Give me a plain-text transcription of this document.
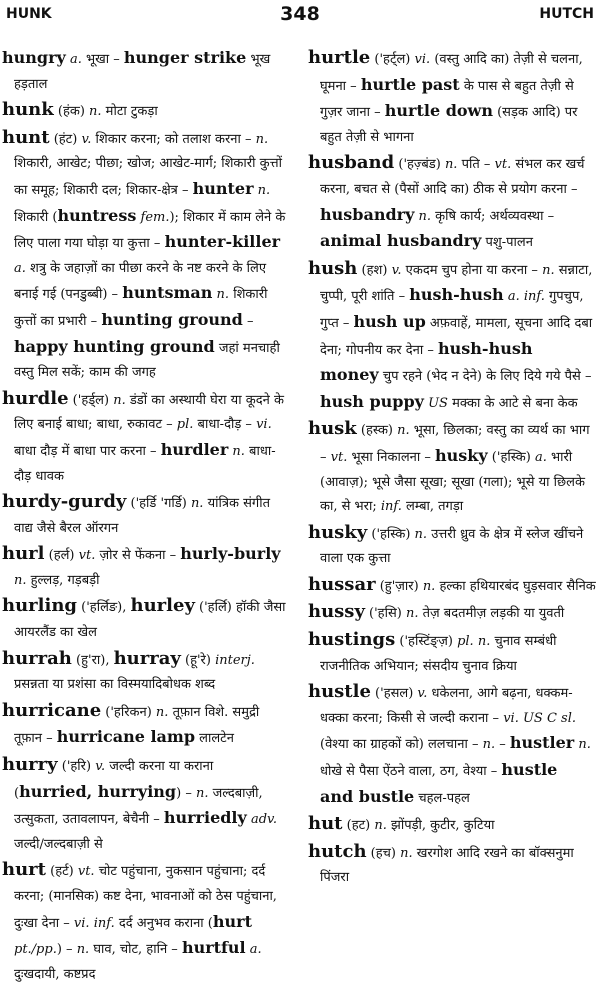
HUNK	348	HUTCH

hungry a. भूखा – hunger strike भूख हड़ताल

hunk (हंक) n. मोटा टुकड़ा

hunt (हंट) v. शिकार करना; को तलाश करना – n. शिकारी, आखेट; पीछा; खोज; आखेट-मार्ग; शिकारी कुत्तों का समूह; शिकारी दल; शिकार-क्षेत्र – hunter n. शिकारी (huntress fem.); शिकार में काम लेने के लिए पाला गया घोड़ा या कुत्ता – hunter-killer a. शत्रु के जहाज़ों का पीछा करने के नष्ट करने के लिए बनाई गई (पनडुब्बी) – huntsman n. शिकारी कुत्तों का प्रभारी – hunting ground – happy hunting ground जहां मनचाही वस्तु मिल सकें; काम की जगह

hurdle ('हर्ड्ल) n. डंडों का अस्थायी घेरा या कूदने के लिए बनाई बाधा; बाधा, रुकावट – pl. बाधा-दौड़ – vi. बाधा दौड़ में बाधा पार करना – hurdler n. बाधा-दौड़ धावक

hurdy-gurdy ('हर्डि 'गर्डि) n. यांत्रिक संगीत वाद्य जैसे बैरल ऑरगन

hurl (हर्ल) vt. ज़ोर से फेंकना – hurly-burly n. हुल्लड़, गड़बड़ी

hurling ('हर्लिङ), hurley ('हर्लि) हॉकी जैसा आयरलैंड का खेल

hurrah (हु'रा), hurray (हू'रे) interj. प्रसन्नता या प्रशंसा का विस्मयादिबोधक शब्द

hurricane ('हरिकन) n. तूफ़ान विशे. समुद्री तूफ़ान – hurricane lamp लालटेन

hurry ('हरि) v. जल्दी करना या कराना (hurried, hurrying) – n. जल्दबाज़ी, उत्सुकता, उतावलापन, बेचैनी – hurriedly adv. जल्दी/जल्दबाज़ी से

hurt (हर्ट) vt. चोट पहुंचाना, नुकसान पहुंचाना; दर्द करना; (मानसिक) कष्ट देना, भावनाओं को ठेस पहुंचाना, दुःखा देना – vi. inf. दर्द अनुभव कराना (hurt pt./pp.) – n. घाव, चोट, हानि – hurtful a. दुःखदायी, कष्टप्रद

hurtle ('हर्ट्ल) vi. (वस्तु आदि का) तेज़ी से चलना, घूमना – hurtle past के पास से बहुत तेज़ी से गुज़र जाना – hurtle down (सड़क आदि) पर बहुत तेज़ी से भागना

husband ('हज़्बंड) n. पति – vt. संभल कर खर्च करना, बचत से (पैसों आदि का) ठीक से प्रयोग करना – husbandry n. कृषि कार्य; अर्थव्यवस्था – animal husbandry पशु-पालन

hush (हश) v. एकदम चुप होना या करना – n. सन्नाटा, चुप्पी, पूरी शांति – hush-hush a. inf. गुपचुप, गुप्त – hush up अफ़वाहें, मामला, सूचना आदि दबा देना; गोपनीय कर देना – hush-hush money चुप रहने (भेद न देने) के लिए दिये गये पैसे – hush puppy US मक्का के आटे से बना केक

husk (हस्क) n. भूसा, छिलका; वस्तु का व्यर्थ का भाग – vt. भूसा निकालना – husky ('हस्कि) a. भारी (आवाज़); भूसे जैसा सूखा; सूखा (गला); भूसे या छिलके का, से भरा; inf. लम्बा, तगड़ा

husky ('हस्कि) n. उत्तरी ध्रुव के क्षेत्र में स्लेज खींचने वाला एक कुत्ता

hussar (हु'ज़ार) n. हल्का हथियारबंद घुड़सवार सैनिक

hussy ('हसि) n. तेज़ बदतमीज़ लड़की या युवती

hustings ('हस्टिंङ्ज़) pl. n. चुनाव सम्बंधी राजनीतिक अभियान; संसदीय चुनाव क्रिया

hustle ('हसल) v. धकेलना, आगे बढ़ना, धक्कम-धक्का करना; किसी से जल्दी कराना – vi. US C sl. (वेश्या का ग्राहकों को) ललचाना – n. – hustler n. धोखे से पैसा ऐंठने वाला, ठग, वेश्या – hustle and bustle चहल-पहल

hut (हट) n. झोंपड़ी, कुटीर, कुटिया

hutch (हच) n. खरगोश आदि रखने का बॉक्सनुमा पिंजरा
